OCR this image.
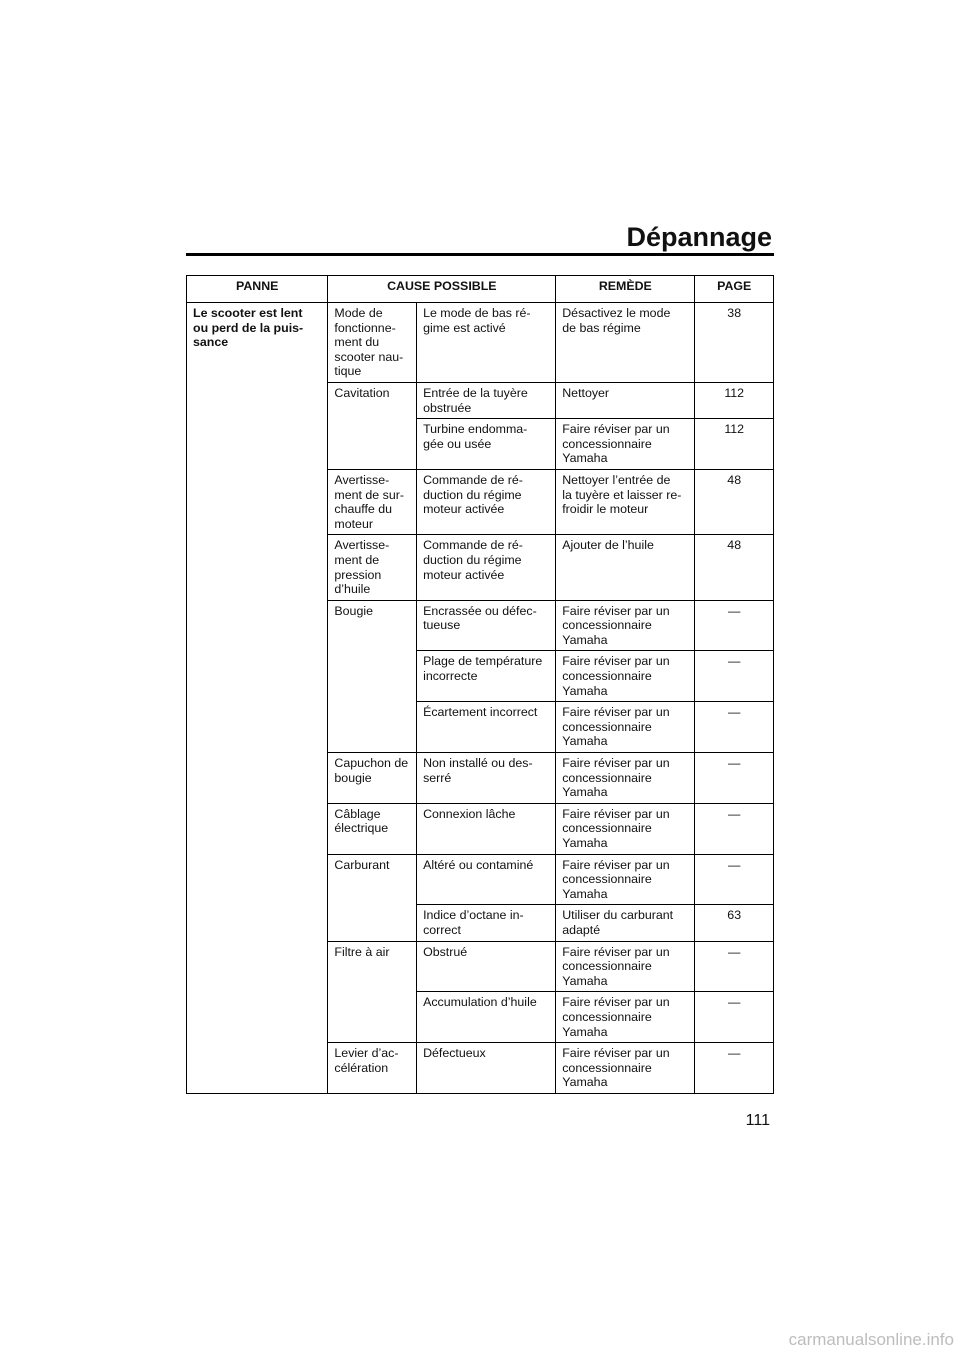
Dépannage
PANNE	CAUSE POSSIBLE		REMÈDE	PAGE
Le scooter est lent
ou perd de la puis-
sance	Mode de
fonctionne-
ment du
scooter nau-
tique	Le mode de bas ré-
gime est activé	Désactivez le mode
de bas régime	38
	Cavitation	Entrée de la tuyère
obstruée	Nettoyer	112
		Turbine endomma-
gée ou usée	Faire réviser par un
concessionnaire
Yamaha	112
	Avertisse-
ment de sur-
chauffe du
moteur	Commande de ré-
duction du régime
moteur activée	Nettoyer l’entrée de
la tuyère et laisser re-
froidir le moteur	48
	Avertisse-
ment de
pression
d’huile	Commande de ré-
duction du régime
moteur activée	Ajouter de l’huile	48
	Bougie	Encrassée ou défec-
tueuse	Faire réviser par un
concessionnaire
Yamaha	—
		Plage de température
incorrecte	Faire réviser par un
concessionnaire
Yamaha	—
		Écartement incorrect	Faire réviser par un
concessionnaire
Yamaha	—
	Capuchon de
bougie	Non installé ou des-
serré	Faire réviser par un
concessionnaire
Yamaha	—
	Câblage
électrique	Connexion lâche	Faire réviser par un
concessionnaire
Yamaha	—
	Carburant	Altéré ou contaminé	Faire réviser par un
concessionnaire
Yamaha	—
		Indice d’octane in-
correct	Utiliser du carburant
adapté	63
	Filtre à air	Obstrué	Faire réviser par un
concessionnaire
Yamaha	—
		Accumulation d’huile	Faire réviser par un
concessionnaire
Yamaha	—
	Levier d’ac-
célération	Défectueux	Faire réviser par un
concessionnaire
Yamaha	—
111
carmanualsonline.info
